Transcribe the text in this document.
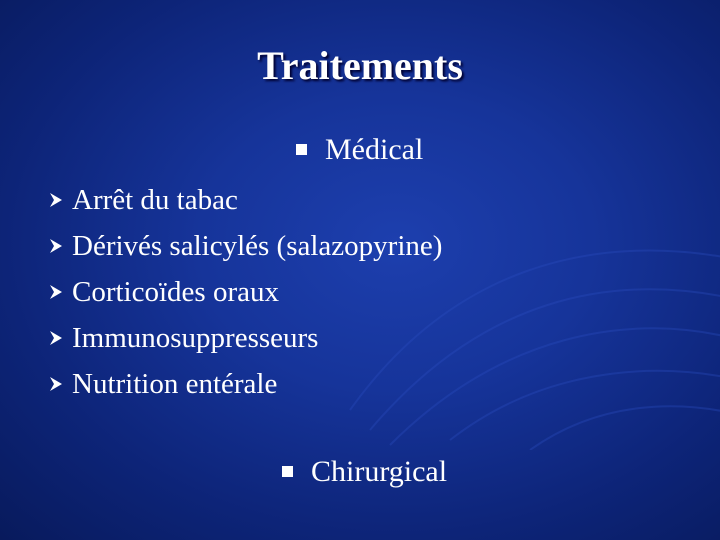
Traitements
Médical
Arrêt du tabac
Dérivés salicylés (salazopyrine)
Corticoïdes oraux
Immunosuppresseurs
Nutrition entérale
Chirurgical
